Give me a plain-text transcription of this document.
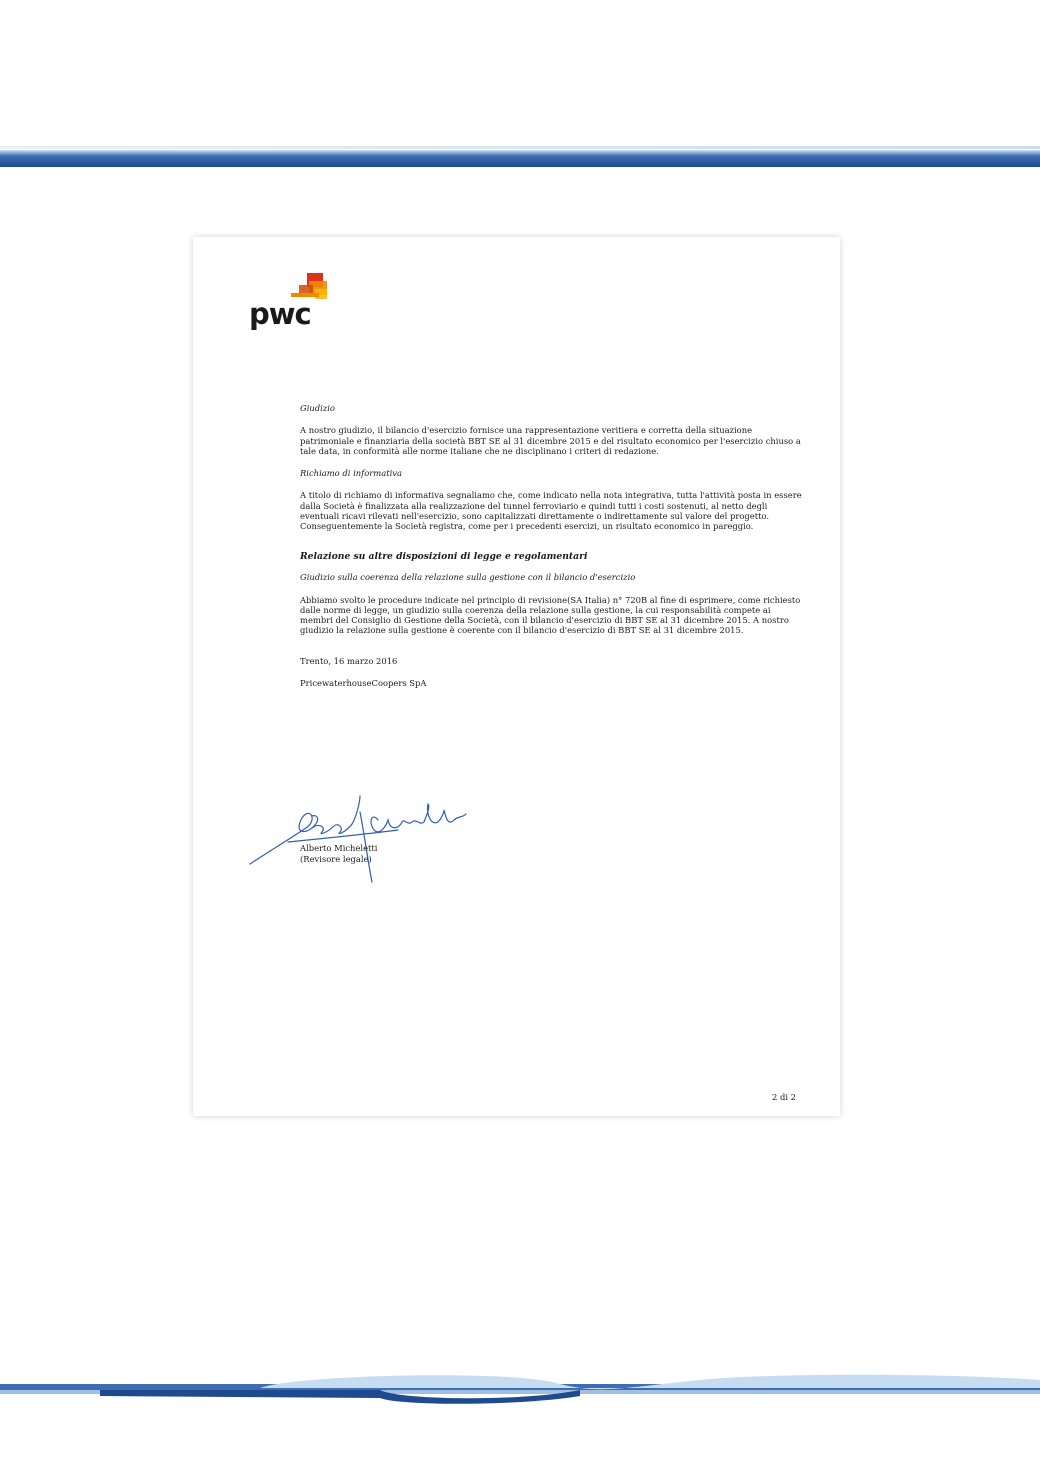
pwc

Giudizio

A nostro giudizio, il bilancio d'esercizio fornisce una rappresentazione veritiera e corretta della situazione patrimoniale e finanziaria della società BBT SE al 31 dicembre 2015 e del risultato economico per l'esercizio chiuso a tale data, in conformità alle norme italiane che ne disciplinano i criteri di redazione.

Richiamo di informativa

A titolo di richiamo di informativa segnaliamo che, come indicato nella nota integrativa, tutta l'attività posta in essere dalla Società è finalizzata alla realizzazione del tunnel ferroviario e quindi tutti i costi sostenuti, al netto degli eventuali ricavi rilevati nell'esercizio, sono capitalizzati direttamente o indirettamente sul valore del progetto. Conseguentemente la Società registra, come per i precedenti esercizi, un risultato economico in pareggio.

Relazione su altre disposizioni di legge e regolamentari

Giudizio sulla coerenza della relazione sulla gestione con il bilancio d'esercizio

Abbiamo svolto le procedure indicate nel principio di revisione(SA Italia) n° 720B al fine di esprimere, come richiesto dalle norme di legge, un giudizio sulla coerenza della relazione sulla gestione, la cui responsabilità compete ai membri del Consiglio di Gestione della Società, con il bilancio d'esercizio di BBT SE al 31 dicembre 2015. A nostro giudizio la relazione sulla gestione è coerente con il bilancio d'esercizio di BBT SE al 31 dicembre 2015.

Trento, 16 marzo 2016

PricewaterhouseCoopers SpA

Alberto Micheletti
(Revisore legale)
2 di 2
